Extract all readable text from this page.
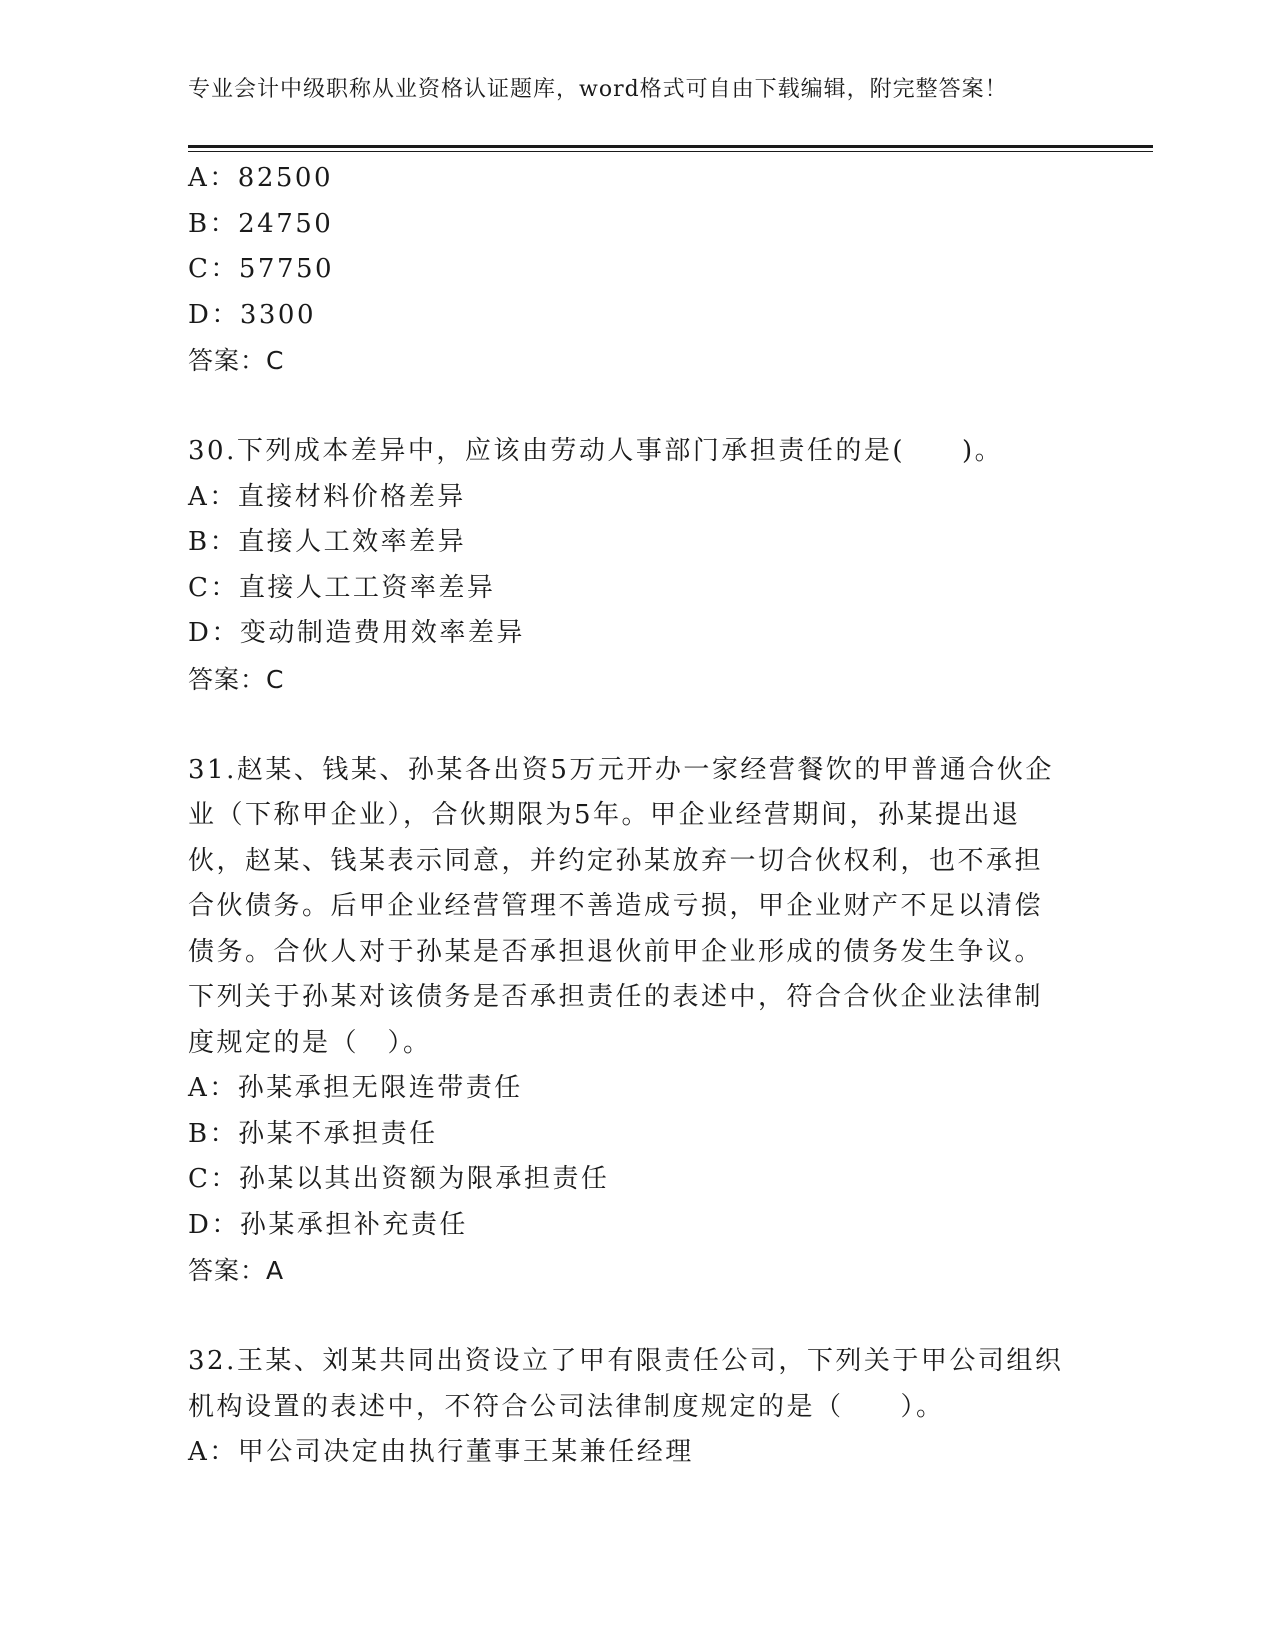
专业会计中级职称从业资格认证题库，word格式可自由下载编辑，附完整答案！
A：82500
B：24750
C：57750
D：3300
答案：C
30.下列成本差异中，应该由劳动人事部门承担责任的是(　　)。
A：直接材料价格差异
B：直接人工效率差异
C：直接人工工资率差异
D：变动制造费用效率差异
答案：C
31.赵某、钱某、孙某各出资5万元开办一家经营餐饮的甲普通合伙企
业（下称甲企业），合伙期限为5年。甲企业经营期间，孙某提出退
伙，赵某、钱某表示同意，并约定孙某放弃一切合伙权利，也不承担
合伙债务。后甲企业经营管理不善造成亏损，甲企业财产不足以清偿
债务。合伙人对于孙某是否承担退伙前甲企业形成的债务发生争议。
下列关于孙某对该债务是否承担责任的表述中，符合合伙企业法律制
度规定的是（　）。
A：孙某承担无限连带责任
B：孙某不承担责任
C：孙某以其出资额为限承担责任
D：孙某承担补充责任
答案：A
32.王某、刘某共同出资设立了甲有限责任公司，下列关于甲公司组织
机构设置的表述中，不符合公司法律制度规定的是（　　）。
A：甲公司决定由执行董事王某兼任经理
